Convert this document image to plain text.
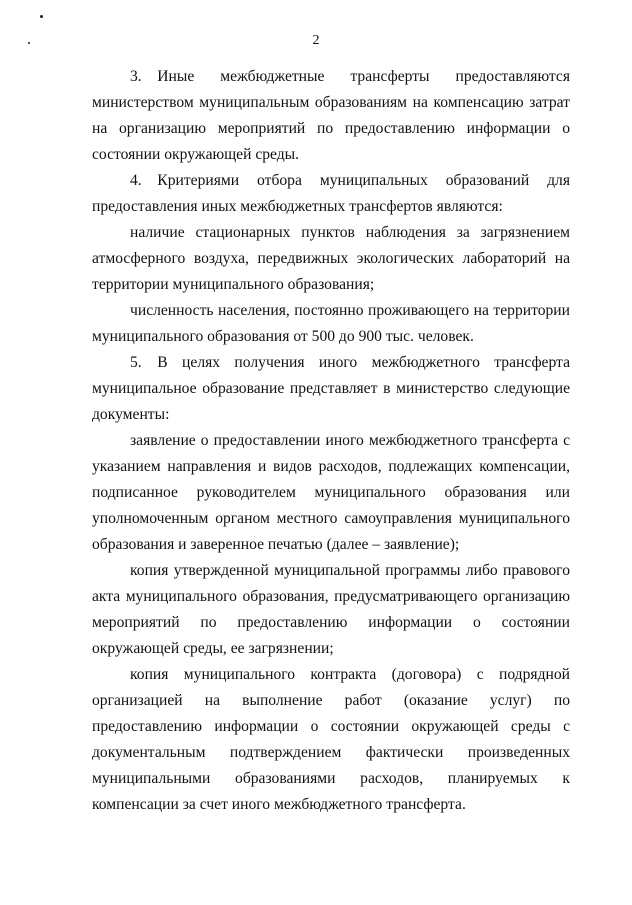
2

3. Иные межбюджетные трансферты предоставляются министерством муниципальным образованиям на компенсацию затрат на организацию мероприятий по предоставлению информации о состоянии окружающей среды.

4. Критериями отбора муниципальных образований для предоставления иных межбюджетных трансфертов являются:

наличие стационарных пунктов наблюдения за загрязнением атмосферного воздуха, передвижных экологических лабораторий на территории муниципального образования;

численность населения, постоянно проживающего на территории муниципального образования от 500 до 900 тыс. человек.

5. В целях получения иного межбюджетного трансферта муниципальное образование представляет в министерство следующие документы:

заявление о предоставлении иного межбюджетного трансферта с указанием направления и видов расходов, подлежащих компенсации, подписанное руководителем муниципального образования или уполномоченным органом местного самоуправления муниципального образования и заверенное печатью (далее – заявление);

копия утвержденной муниципальной программы либо правового акта муниципального образования, предусматривающего организацию мероприятий по предоставлению информации о состоянии окружающей среды, ее загрязнении;

копия муниципального контракта (договора) с подрядной организацией на выполнение работ (оказание услуг) по предоставлению информации о состоянии окружающей среды с документальным подтверждением фактически произведенных муниципальными образованиями расходов, планируемых к компенсации за счет иного межбюджетного трансферта.
